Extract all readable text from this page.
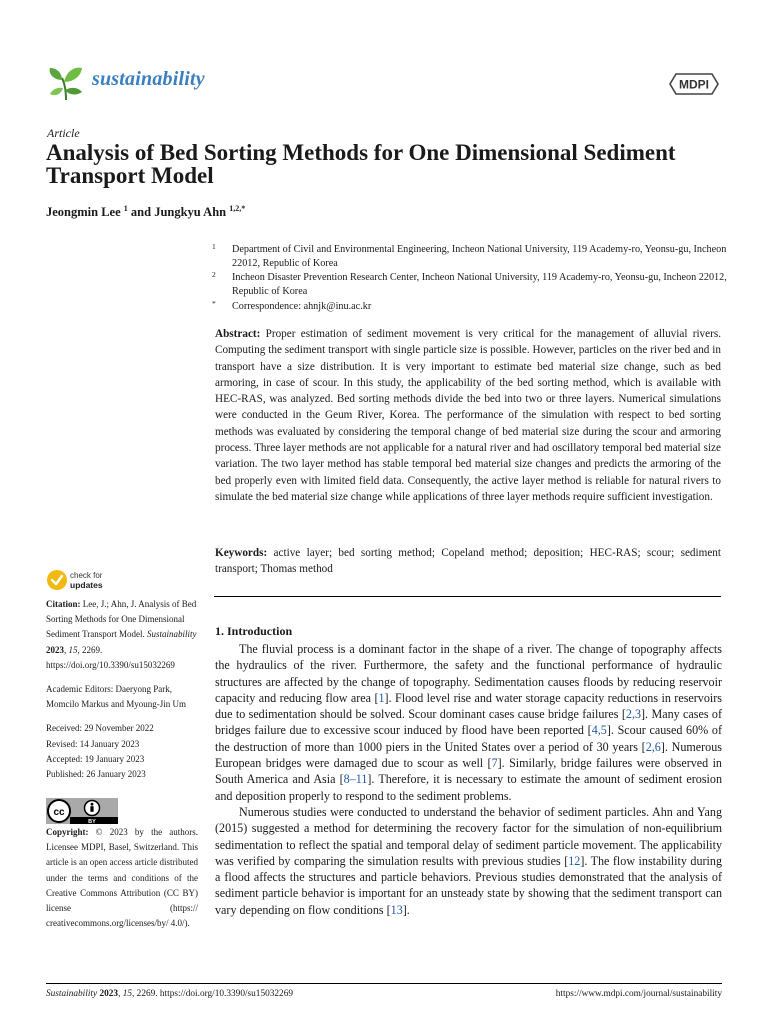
sustainability	MDPI
Article
Analysis of Bed Sorting Methods for One Dimensional Sediment Transport Model
Jeongmin Lee $^1$ and Jungkyu Ahn $^{1,2,*}$
1 Department of Civil and Environmental Engineering, Incheon National University, 119 Academy-ro, Yeonsu-gu, Incheon 22012, Republic of Korea
2 Incheon Disaster Prevention Research Center, Incheon National University, 119 Academy-ro, Yeonsu-gu, Incheon 22012, Republic of Korea
* Correspondence: ahnjk@inu.ac.kr
Abstract: Proper estimation of sediment movement is very critical for the management of alluvial rivers. Computing the sediment transport with single particle size is possible. However, particles on the river bed and in transport have a size distribution. It is very important to estimate bed material size change, such as bed armoring, in case of scour. In this study, the applicability of the bed sorting method, which is available with HEC-RAS, was analyzed. Bed sorting methods divide the bed into two or three layers. Numerical simulations were conducted in the Geum River, Korea. The performance of the simulation with respect to bed sorting methods was evaluated by considering the temporal change of bed material size during the scour and armoring process. Three layer methods are not applicable for a natural river and had oscillatory temporal bed material size variation. The two layer method has stable temporal bed material size changes and predicts the armoring of the bed properly even with limited field data. Consequently, the active layer method is reliable for natural rivers to simulate the bed material size change while applications of three layer methods require sufficient investigation.
Keywords: active layer; bed sorting method; Copeland method; deposition; HEC-RAS; scour; sediment transport; Thomas method
check for
updates

Citation: Lee, J.; Ahn, J. Analysis of Bed Sorting Methods for One Dimensional Sediment Transport Model. Sustainability 2023, 15, 2269.
https://doi.org/10.3390/su15032269

Academic Editors: Daeryong Park, Momcilo Markus and Myoung-Jin Um

Received: 29 November 2022
Revised: 14 January 2023
Accepted: 19 January 2023
Published: 26 January 2023

cc
BY

Copyright: © 2023 by the authors. Licensee MDPI, Basel, Switzerland. This article is an open access article distributed under the terms and conditions of the Creative Commons Attribution (CC BY) license (https:// creativecommons.org/licenses/by/ 4.0/).

1. Introduction

The fluvial process is a dominant factor in the shape of a river. The change of topography affects the hydraulics of the river. Furthermore, the safety and the functional performance of hydraulic structures are affected by the change of topography. Sedimentation causes floods by reducing reservoir capacity and reducing flow area [1]. Flood level rise and water storage capacity reductions in reservoirs due to sedimentation should be solved. Scour dominant cases cause bridge failures [2,3]. Many cases of bridges failure due to excessive scour induced by flood have been reported [4,5]. Scour caused 60% of the destruction of more than 1000 piers in the United States over a period of 30 years [2,6]. Numerous European bridges were damaged due to scour as well [7]. Similarly, bridge failures were observed in South America and Asia [8–11]. Therefore, it is necessary to estimate the amount of sediment erosion and deposition properly to respond to the sediment problems.

Numerous studies were conducted to understand the behavior of sediment particles. Ahn and Yang (2015) suggested a method for determining the recovery factor for the simulation of non-equilibrium sedimentation to reflect the spatial and temporal delay of sediment particle movement. The applicability was verified by comparing the simulation results with previous studies [12]. The flow instability during a flood affects the structures and particle behaviors. Previous studies demonstrated that the analysis of sediment particle behavior is important for an unsteady state by showing that the sediment transport can vary depending on flow conditions [13].

Sustainability 2023, 15, 2269. https://doi.org/10.3390/su15032269	https://www.mdpi.com/journal/sustainability
